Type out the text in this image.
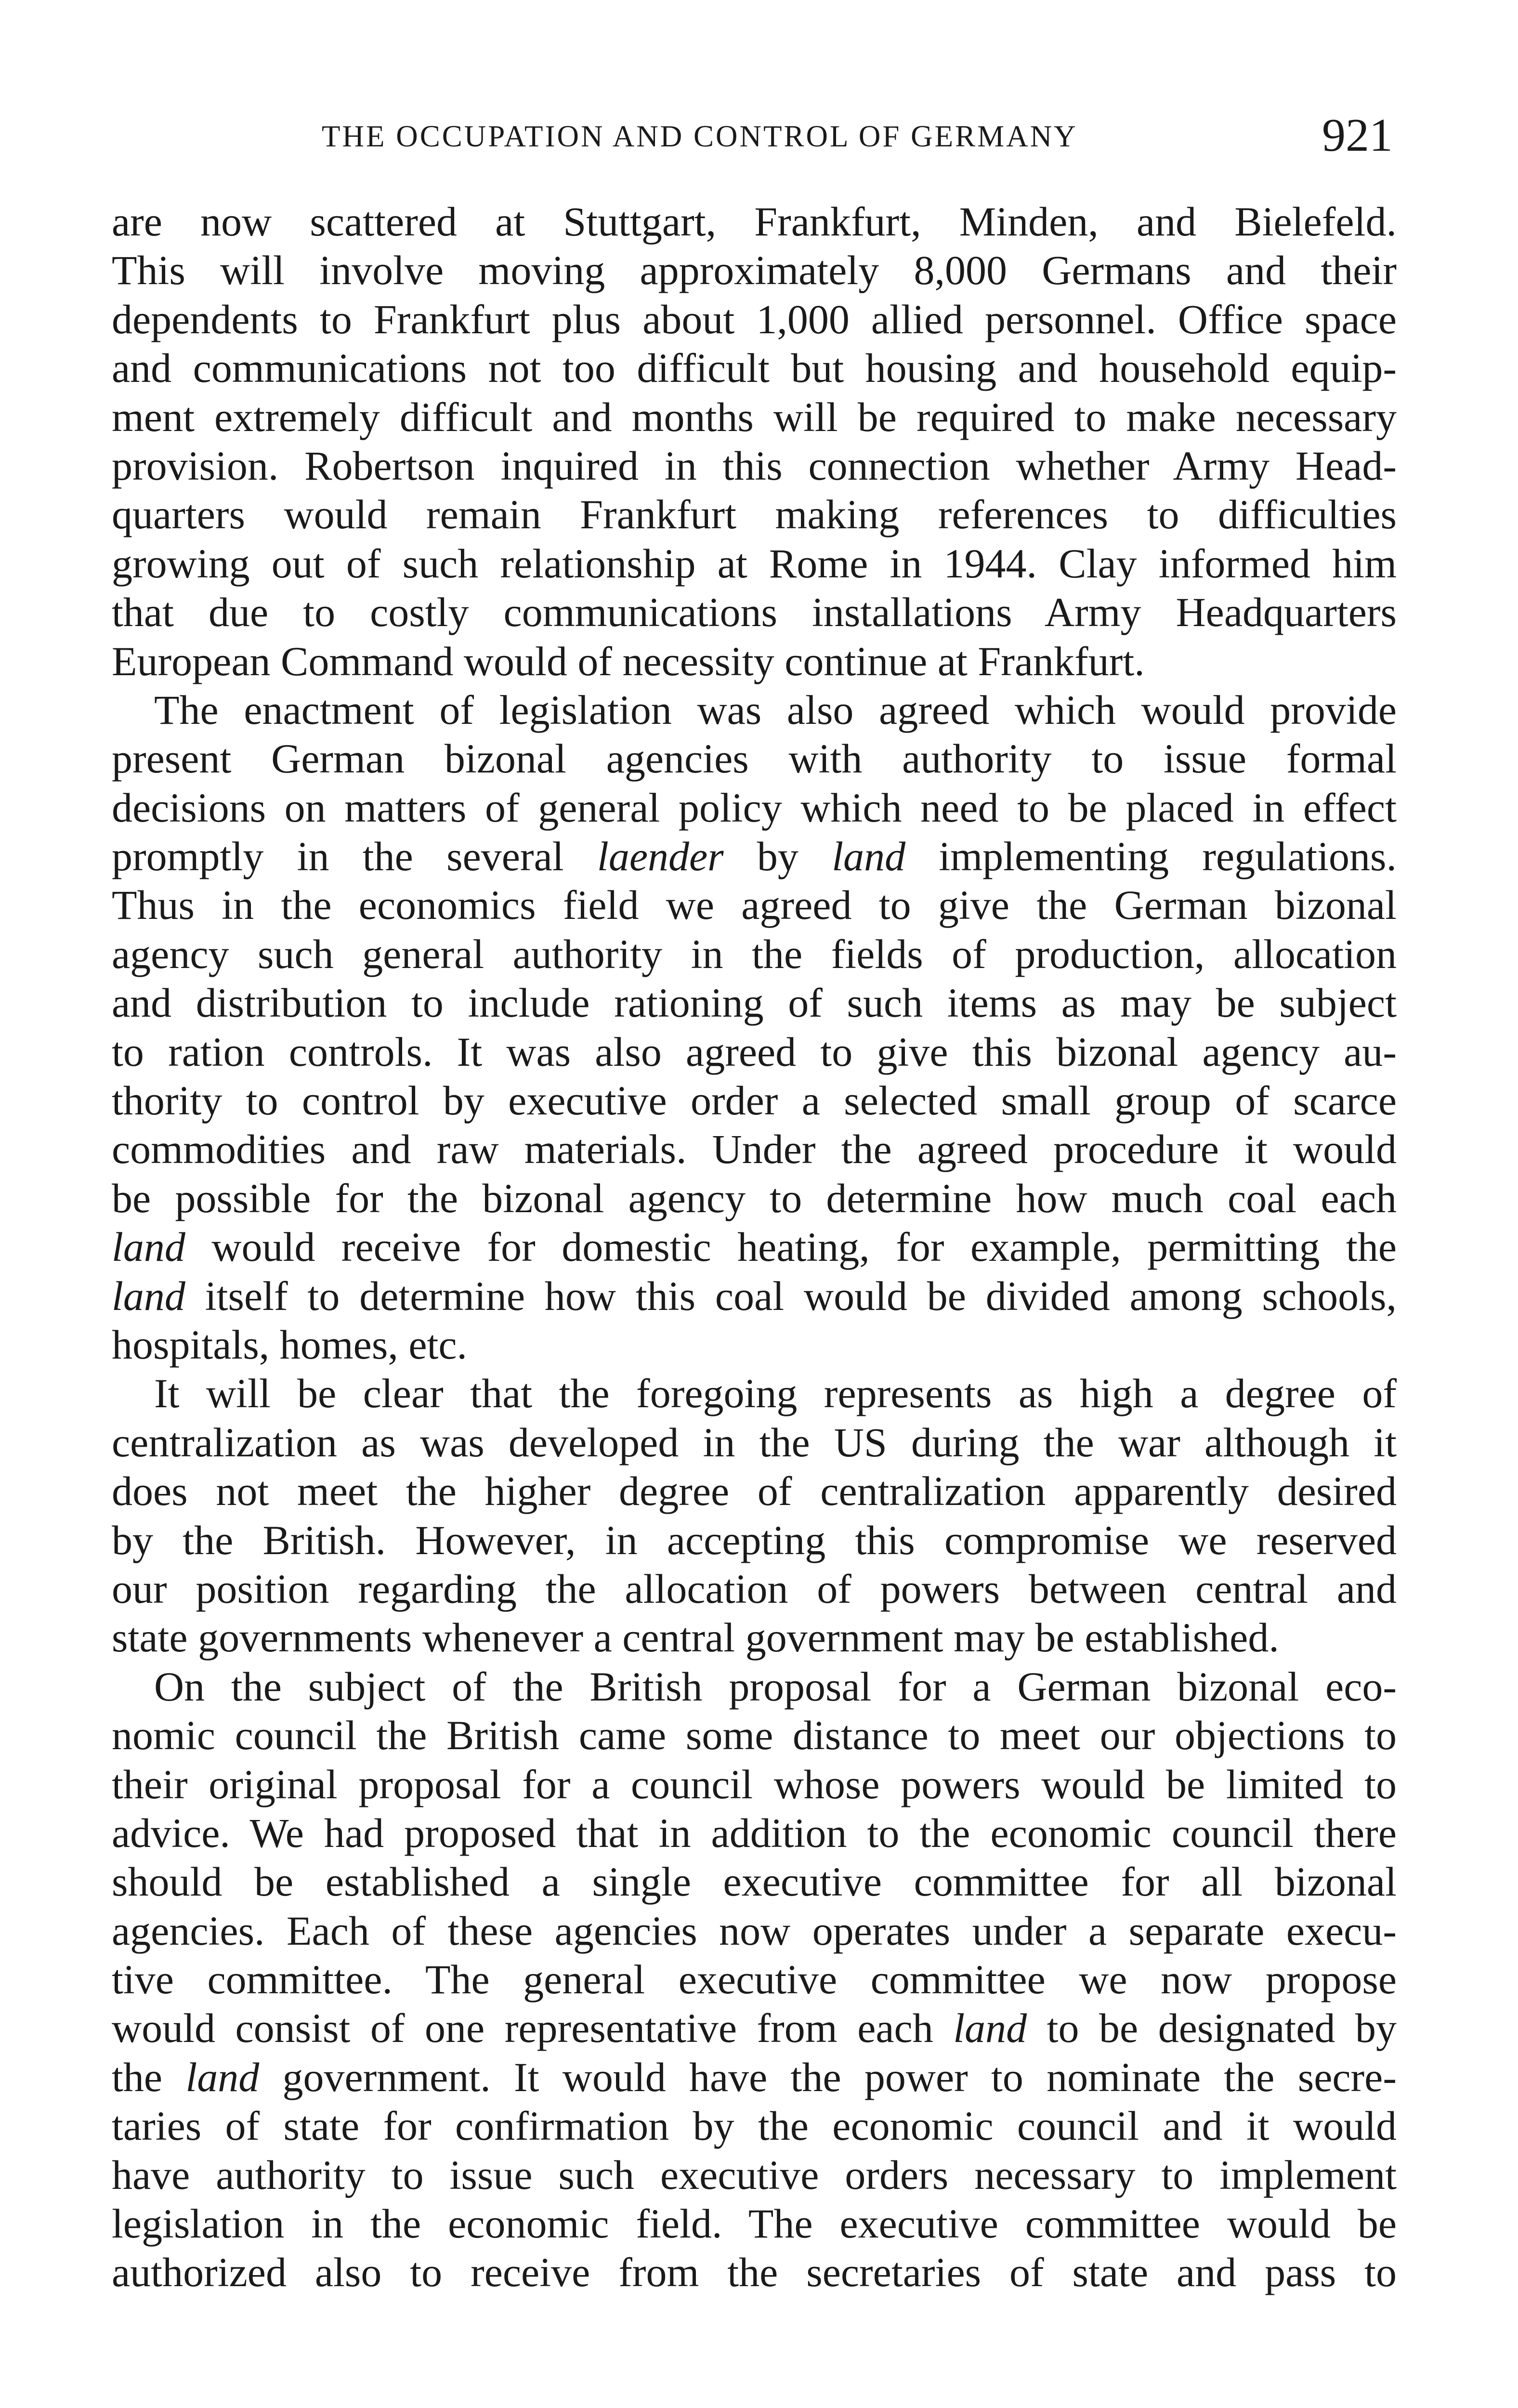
THE OCCUPATION AND CONTROL OF GERMANY	921
are now scattered at Stuttgart, Frankfurt, Minden, and Bielefeld.
This will involve moving approximately 8,000 Germans and their
dependents to Frankfurt plus about 1,000 allied personnel. Office space
and communications not too difficult but housing and household equip-
ment extremely difficult and months will be required to make necessary
provision. Robertson inquired in this connection whether Army Head-
quarters would remain Frankfurt making references to difficulties
growing out of such relationship at Rome in 1944. Clay informed him
that due to costly communications installations Army Headquarters
European Command would of necessity continue at Frankfurt.
The enactment of legislation was also agreed which would provide
present German bizonal agencies with authority to issue formal
decisions on matters of general policy which need to be placed in effect
promptly in the several laender by land implementing regulations.
Thus in the economics field we agreed to give the German bizonal
agency such general authority in the fields of production, allocation
and distribution to include rationing of such items as may be subject
to ration controls. It was also agreed to give this bizonal agency au-
thority to control by executive order a selected small group of scarce
commodities and raw materials. Under the agreed procedure it would
be possible for the bizonal agency to determine how much coal each
land would receive for domestic heating, for example, permitting the
land itself to determine how this coal would be divided among schools,
hospitals, homes, etc.
It will be clear that the foregoing represents as high a degree of
centralization as was developed in the US during the war although it
does not meet the higher degree of centralization apparently desired
by the British. However, in accepting this compromise we reserved
our position regarding the allocation of powers between central and
state governments whenever a central government may be established.
On the subject of the British proposal for a German bizonal eco-
nomic council the British came some distance to meet our objections to
their original proposal for a council whose powers would be limited to
advice. We had proposed that in addition to the economic council there
should be established a single executive committee for all bizonal
agencies. Each of these agencies now operates under a separate execu-
tive committee. The general executive committee we now propose
would consist of one representative from each land to be designated by
the land government. It would have the power to nominate the secre-
taries of state for confirmation by the economic council and it would
have authority to issue such executive orders necessary to implement
legislation in the economic field. The executive committee would be
authorized also to receive from the secretaries of state and pass to
